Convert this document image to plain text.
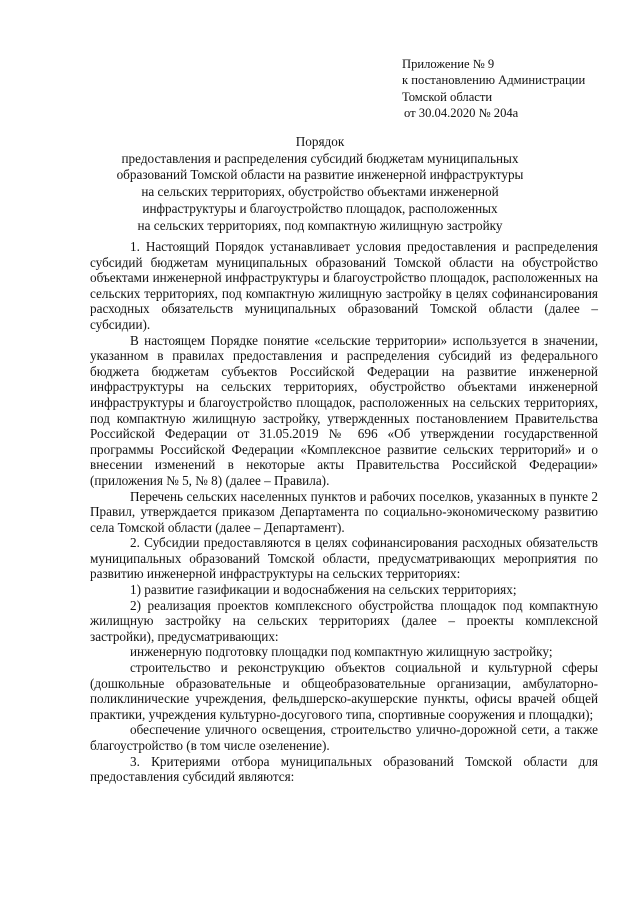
Приложение № 9
к постановлению Администрации
Томской области
от 30.04.2020 № 204а
Порядок
предоставления и распределения субсидий бюджетам муниципальных
образований Томской области на развитие инженерной инфраструктуры
на сельских территориях, обустройство объектами инженерной
инфраструктуры и благоустройство площадок, расположенных
на сельских территориях, под компактную жилищную застройку

1. Настоящий Порядок устанавливает условия предоставления и распределения субсидий бюджетам муниципальных образований Томской области на обустройство объектами инженерной инфраструктуры и благоустройство площадок, расположенных на сельских территориях, под компактную жилищную застройку в целях софинансирования расходных обязательств муниципальных образований Томской области (далее – субсидии).

В настоящем Порядке понятие «сельские территории» используется в значении, указанном в правилах предоставления и распределения субсидий из федерального бюджета бюджетам субъектов Российской Федерации на развитие инженерной инфраструктуры на сельских территориях, обустройство объектами инженерной инфраструктуры и благоустройство площадок, расположенных на сельских территориях, под компактную жилищную застройку, утвержденных постановлением Правительства Российской Федерации от 31.05.2019 № 696 «Об утверждении государственной программы Российской Федерации «Комплексное развитие сельских территорий» и о внесении изменений в некоторые акты Правительства Российской Федерации» (приложения № 5, № 8) (далее – Правила).

Перечень сельских населенных пунктов и рабочих поселков, указанных в пункте 2 Правил, утверждается приказом Департамента по социально-экономическому развитию села Томской области (далее – Департамент).

2. Субсидии предоставляются в целях софинансирования расходных обязательств муниципальных образований Томской области, предусматривающих мероприятия по развитию инженерной инфраструктуры на сельских территориях:

1) развитие газификации и водоснабжения на сельских территориях;

2) реализация проектов комплексного обустройства площадок под компактную жилищную застройку на сельских территориях (далее – проекты комплексной застройки), предусматривающих:

инженерную подготовку площадки под компактную жилищную застройку;

строительство и реконструкцию объектов социальной и культурной сферы (дошкольные образовательные и общеобразовательные организации, амбулаторно-поликлинические учреждения, фельдшерско-акушерские пункты, офисы врачей общей практики, учреждения культурно-досугового типа, спортивные сооружения и площадки);

обеспечение уличного освещения, строительство улично-дорожной сети, а также благоустройство (в том числе озеленение).

3. Критериями отбора муниципальных образований Томской области для предоставления субсидий являются:
